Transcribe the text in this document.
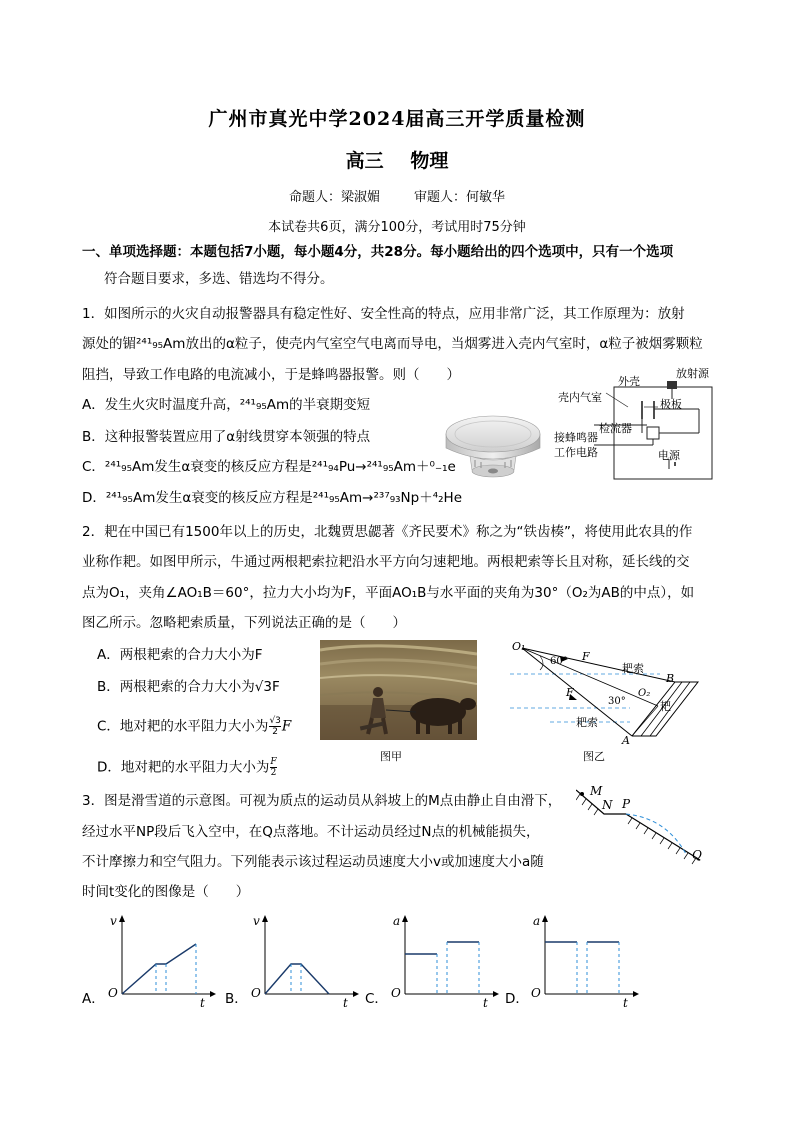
广州市真光中学2024届高三开学质量检测
高三 物理
命题人：梁淑媚	审题人：何敏华
本试卷共6页，满分100分，考试用时75分钟
一、单项选择题：本题包括7小题，每小题4分，共28分。每小题给出的四个选项中，只有一个选项
符合题目要求，多选、错选均不得分。
1．如图所示的火灾自动报警器具有稳定性好、安全性高的特点，应用非常广泛，其工作原理为：放射
源处的镅²⁴¹₉₅Am放出的α粒子，使壳内气室空气电离而导电，当烟雾进入壳内气室时，α粒子被烟雾颗粒
阻挡，导致工作电路的电流减小，于是蜂鸣器报警。则（　　）
A．发生火灾时温度升高，²⁴¹₉₅Am的半衰期变短
B．这种报警装置应用了α射线贯穿本领强的特点
C．²⁴¹₉₅Am发生α衰变的核反应方程是²⁴¹₉₄Pu→²⁴¹₉₅Am＋⁰₋₁e
D．²⁴¹₉₅Am发生α衰变的核反应方程是²⁴¹₉₅Am→²³⁷₉₃Np＋⁴₂He
外壳
放射源
壳内气室
极板
接蜂鸣器
工作电路
检流器
电源
2．耙在中国已有1500年以上的历史，北魏贾思勰著《齐民要术》称之为“铁齿楱”，将使用此农具的作
业称作耙。如图甲所示，牛通过两根耙索拉耙沿水平方向匀速耙地。两根耙索等长且对称，延长线的交
点为O₁，夹角∠AO₁B＝60°，拉力大小均为F，平面AO₁B与水平面的夹角为30°（O₂为AB的中点），如
图乙所示。忽略耙索质量，下列说法正确的是（　　）
A．两根耙索的合力大小为F
B．两根耙索的合力大小为√3F
C．地对耙的水平阻力大小为 $\frac{√3}{2}$ F
D．地对耙的水平阻力大小为 $\frac{F}{2}$
图甲
O₁
60° F
耙索
B
F	O₂
30°	耙
耙索
A
图乙
3．图是滑雪道的示意图。可视为质点的运动员从斜坡上的M点由静止自由滑下，
经过水平NP段后飞入空中，在Q点落地。不计运动员经过N点的机械能损失，
不计摩擦力和空气阻力。下列能表示该过程运动员速度大小v或加速度大小a随
时间t变化的图像是（　　）
M
N P
Q
A．
v
t
O	B．
v
t
O	C．
a
t
O	D．
a
t
O
